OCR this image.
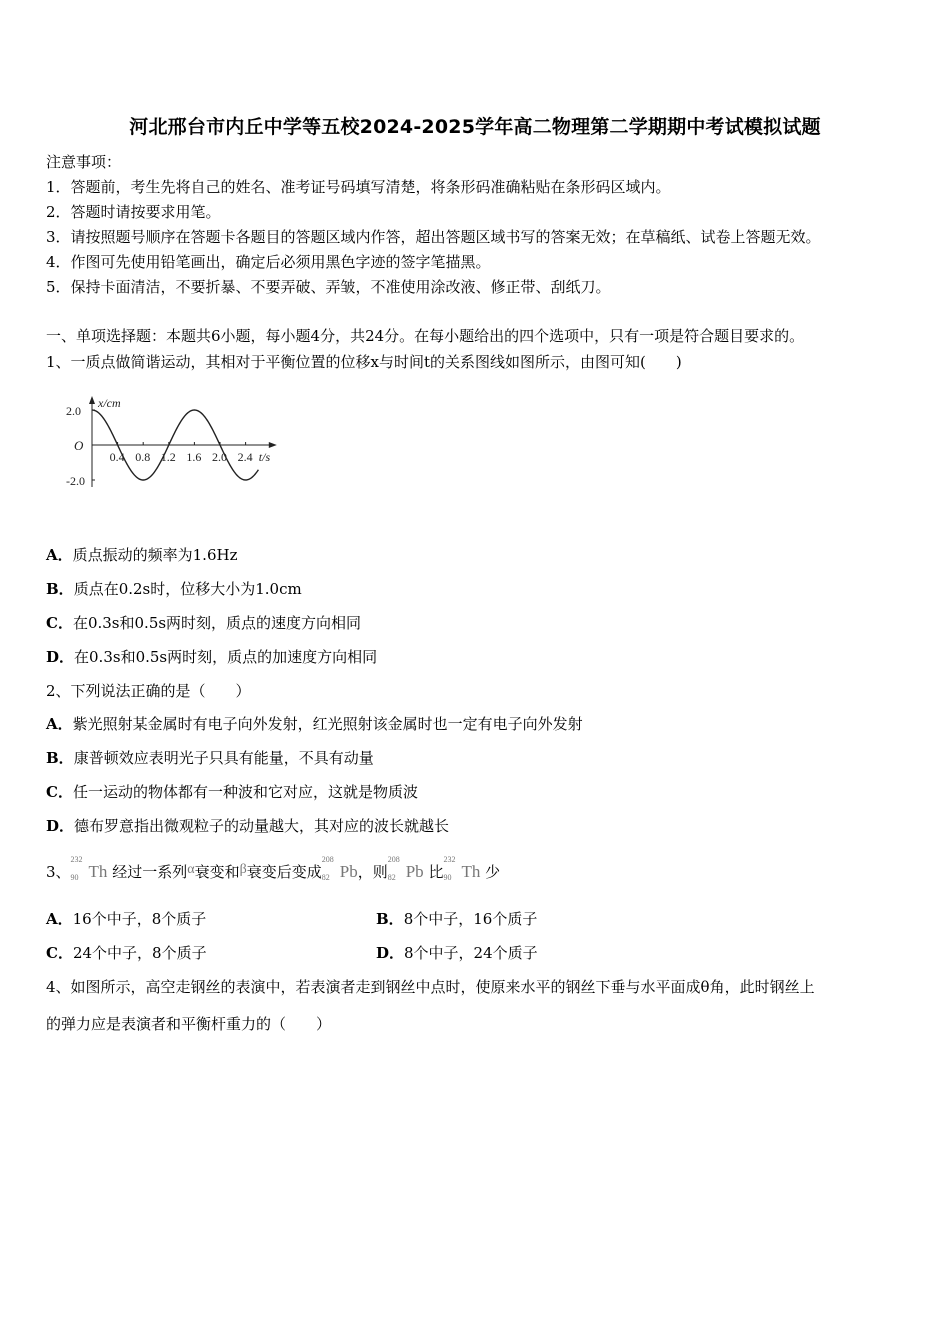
河北邢台市内丘中学等五校2024-2025学年高二物理第二学期期中考试模拟试题
注意事项：
1．答题前，考生先将自己的姓名、准考证号码填写清楚，将条形码准确粘贴在条形码区域内。
2．答题时请按要求用笔。
3．请按照题号顺序在答题卡各题目的答题区域内作答，超出答题区域书写的答案无效；在草稿纸、试卷上答题无效。
4．作图可先使用铅笔画出，确定后必须用黑色字迹的签字笔描黑。
5．保持卡面清洁，不要折暴、不要弄破、弄皱，不准使用涂改液、修正带、刮纸刀。
一、单项选择题：本题共6小题，每小题4分，共24分。在每小题给出的四个选项中，只有一项是符合题目要求的。
1、一质点做简谐运动，其相对于平衡位置的位移x与时间t的关系图线如图所示，由图可知(　　)
x/cm
t/s
O
2.0
-2.0
0.4 0.8 1.2 1.6 2.0 2.4
A．质点振动的频率为1.6Hz
B．质点在0.2s时，位移大小为1.0cm
C．在0.3s和0.5s两时刻，质点的速度方向相同
D．在0.3s和0.5s两时刻，质点的加速度方向相同
2、下列说法正确的是（　　）
A．紫光照射某金属时有电子向外发射，红光照射该金属时也一定有电子向外发射
B．康普顿效应表明光子只具有能量，不具有动量
C．任一运动的物体都有一种波和它对应，这就是物质波
D．德布罗意指出微观粒子的动量越大，其对应的波长就越长
3、
232
90 Th 经过一系列α衰变和β衰变后变成
208
82 Pb，则
208
82 Pb 比
232
90 Th 少
A．16个中子，8个质子	B．8个中子，16个质子
C．24个中子，8个质子	D．8个中子，24个质子
4、如图所示，高空走钢丝的表演中，若表演者走到钢丝中点时，使原来水平的钢丝下垂与水平面成θ角，此时钢丝上
的弹力应是表演者和平衡杆重力的（　　）
